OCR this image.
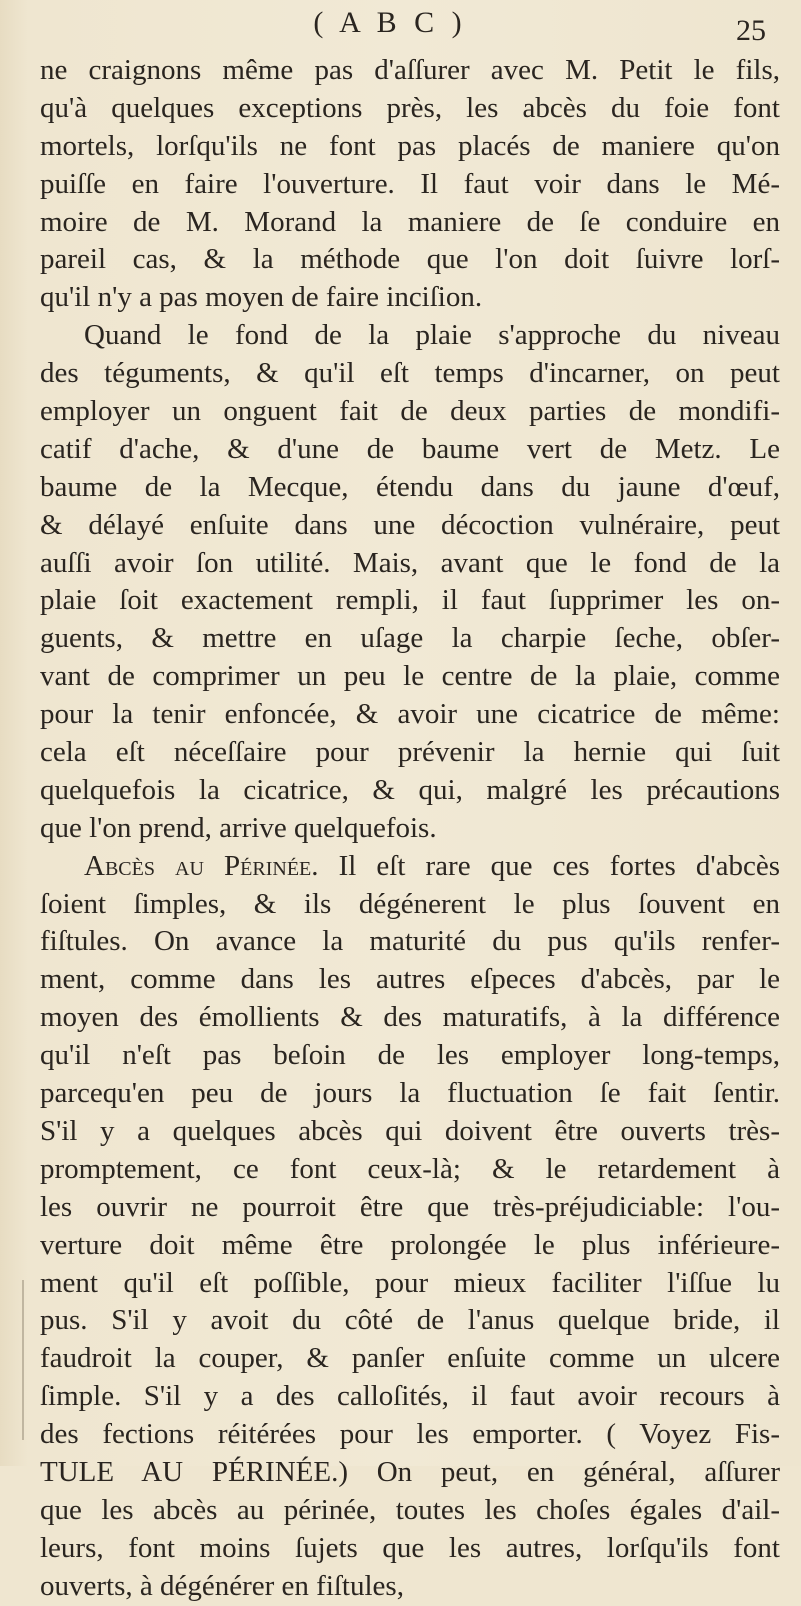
( A B C )	25
ne craignons même pas d'aſſurer avec M. Petit le fils,
qu'à quelques exceptions près, les abcès du foie font
mortels, lorſqu'ils ne font pas placés de maniere qu'on
puiſſe en faire l'ouverture. Il faut voir dans le Mé-
moire de M. Morand la maniere de ſe conduire en
pareil cas, & la méthode que l'on doit ſuivre lorſ-
qu'il n'y a pas moyen de faire inciſion.
Quand le fond de la plaie s'approche du niveau
des téguments, & qu'il eſt temps d'incarner, on peut
employer un onguent fait de deux parties de mondifi-
catif d'ache, & d'une de baume vert de Metz. Le
baume de la Mecque, étendu dans du jaune d'œuf,
& délayé enſuite dans une décoction vulnéraire, peut
auſſi avoir ſon utilité. Mais, avant que le fond de la
plaie ſoit exactement rempli, il faut ſupprimer les on-
guents, & mettre en uſage la charpie ſeche, obſer-
vant de comprimer un peu le centre de la plaie, comme
pour la tenir enfoncée, & avoir une cicatrice de même:
cela eſt néceſſaire pour prévenir la hernie qui ſuit
quelquefois la cicatrice, & qui, malgré les précautions
que l'on prend, arrive quelquefois.
Abcès au Périnée. Il eſt rare que ces fortes d'abcès
ſoient ſimples, & ils dégénerent le plus ſouvent en
fiſtules. On avance la maturité du pus qu'ils renfer-
ment, comme dans les autres eſpeces d'abcès, par le
moyen des émollients & des maturatifs, à la différence
qu'il n'eſt pas beſoin de les employer long-temps,
parcequ'en peu de jours la fluctuation ſe fait ſentir.
S'il y a quelques abcès qui doivent être ouverts très-
promptement, ce font ceux-là; & le retardement à
les ouvrir ne pourroit être que très-préjudiciable: l'ou-
verture doit même être prolongée le plus inférieure-
ment qu'il eſt poſſible, pour mieux faciliter l'iſſue lu
pus. S'il y avoit du côté de l'anus quelque bride, il
faudroit la couper, & panſer enſuite comme un ulcere
ſimple. S'il y a des calloſités, il faut avoir recours à
des fections réitérées pour les emporter. ( Voyez Fis-
TULE AU PÉRINÉE.) On peut, en général, aſſurer
que les abcès au périnée, toutes les choſes égales d'ail-
leurs, font moins ſujets que les autres, lorſqu'ils font
ouverts, à dégénérer en fiſtules,
